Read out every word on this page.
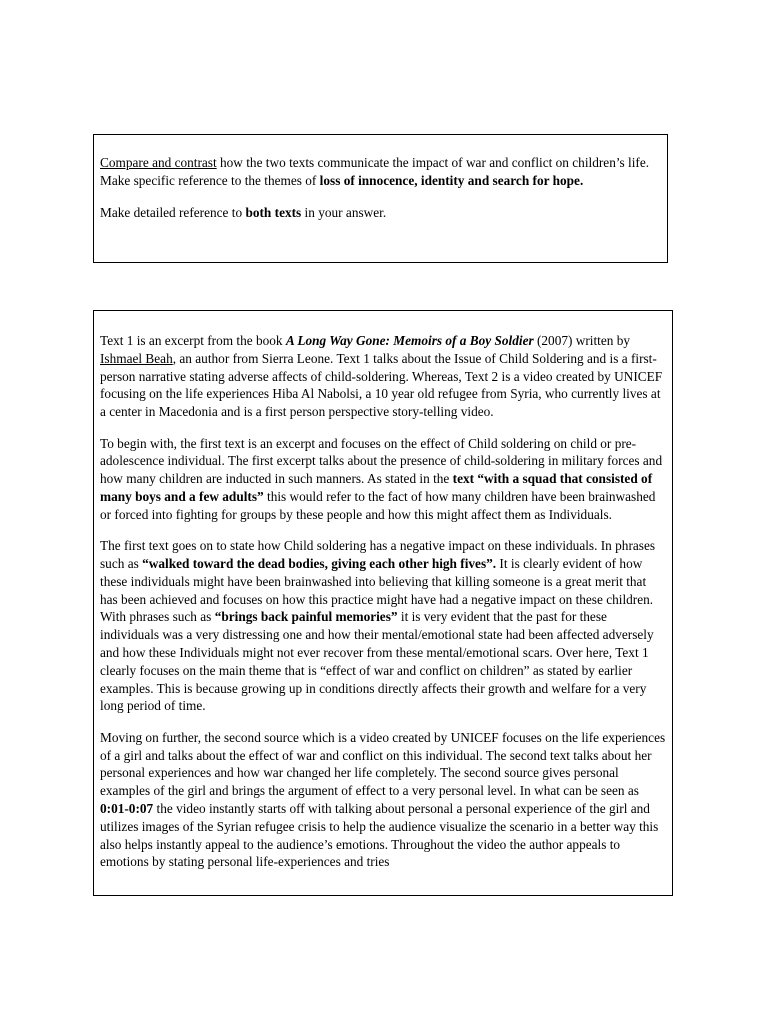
Compare and contrast how the two texts communicate the impact of war and conflict on children’s life. Make specific reference to the themes of loss of innocence, identity and search for hope.

Make detailed reference to both texts in your answer.

Text 1 is an excerpt from the book A Long Way Gone: Memoirs of a Boy Soldier (2007) written by Ishmael Beah, an author from Sierra Leone. Text 1 talks about the Issue of Child Soldering and is a first-person narrative stating adverse affects of child-soldering. Whereas, Text 2 is a video created by UNICEF focusing on the life experiences Hiba Al Nabolsi, a 10 year old refugee from Syria, who currently lives at a center in Macedonia and is a first person perspective story-telling video.

To begin with, the first text is an excerpt and focuses on the effect of Child soldering on child or pre-adolescence individual. The first excerpt talks about the presence of child-soldering in military forces and how many children are inducted in such manners. As stated in the text “with a squad that consisted of many boys and a few adults” this would refer to the fact of how many children have been brainwashed or forced into fighting for groups by these people and how this might affect them as Individuals.

The first text goes on to state how Child soldering has a negative impact on these individuals. In phrases such as “walked toward the dead bodies, giving each other high fives”. It is clearly evident of how these individuals might have been brainwashed into believing that killing someone is a great merit that has been achieved and focuses on how this practice might have had a negative impact on these children. With phrases such as “brings back painful memories” it is very evident that the past for these individuals was a very distressing one and how their mental/emotional state had been affected adversely and how these Individuals might not ever recover from these mental/emotional scars. Over here, Text 1 clearly focuses on the main theme that is “effect of war and conflict on children” as stated by earlier examples. This is because growing up in conditions directly affects their growth and welfare for a very long period of time.

Moving on further, the second source which is a video created by UNICEF focuses on the life experiences of a girl and talks about the effect of war and conflict on this individual. The second text talks about her personal experiences and how war changed her life completely. The second source gives personal examples of the girl and brings the argument of effect to a very personal level. In what can be seen as 0:01-0:07 the video instantly starts off with talking about personal a personal experience of the girl and utilizes images of the Syrian refugee crisis to help the audience visualize the scenario in a better way this also helps instantly appeal to the audience’s emotions. Throughout the video the author appeals to emotions by stating personal life-experiences and tries
